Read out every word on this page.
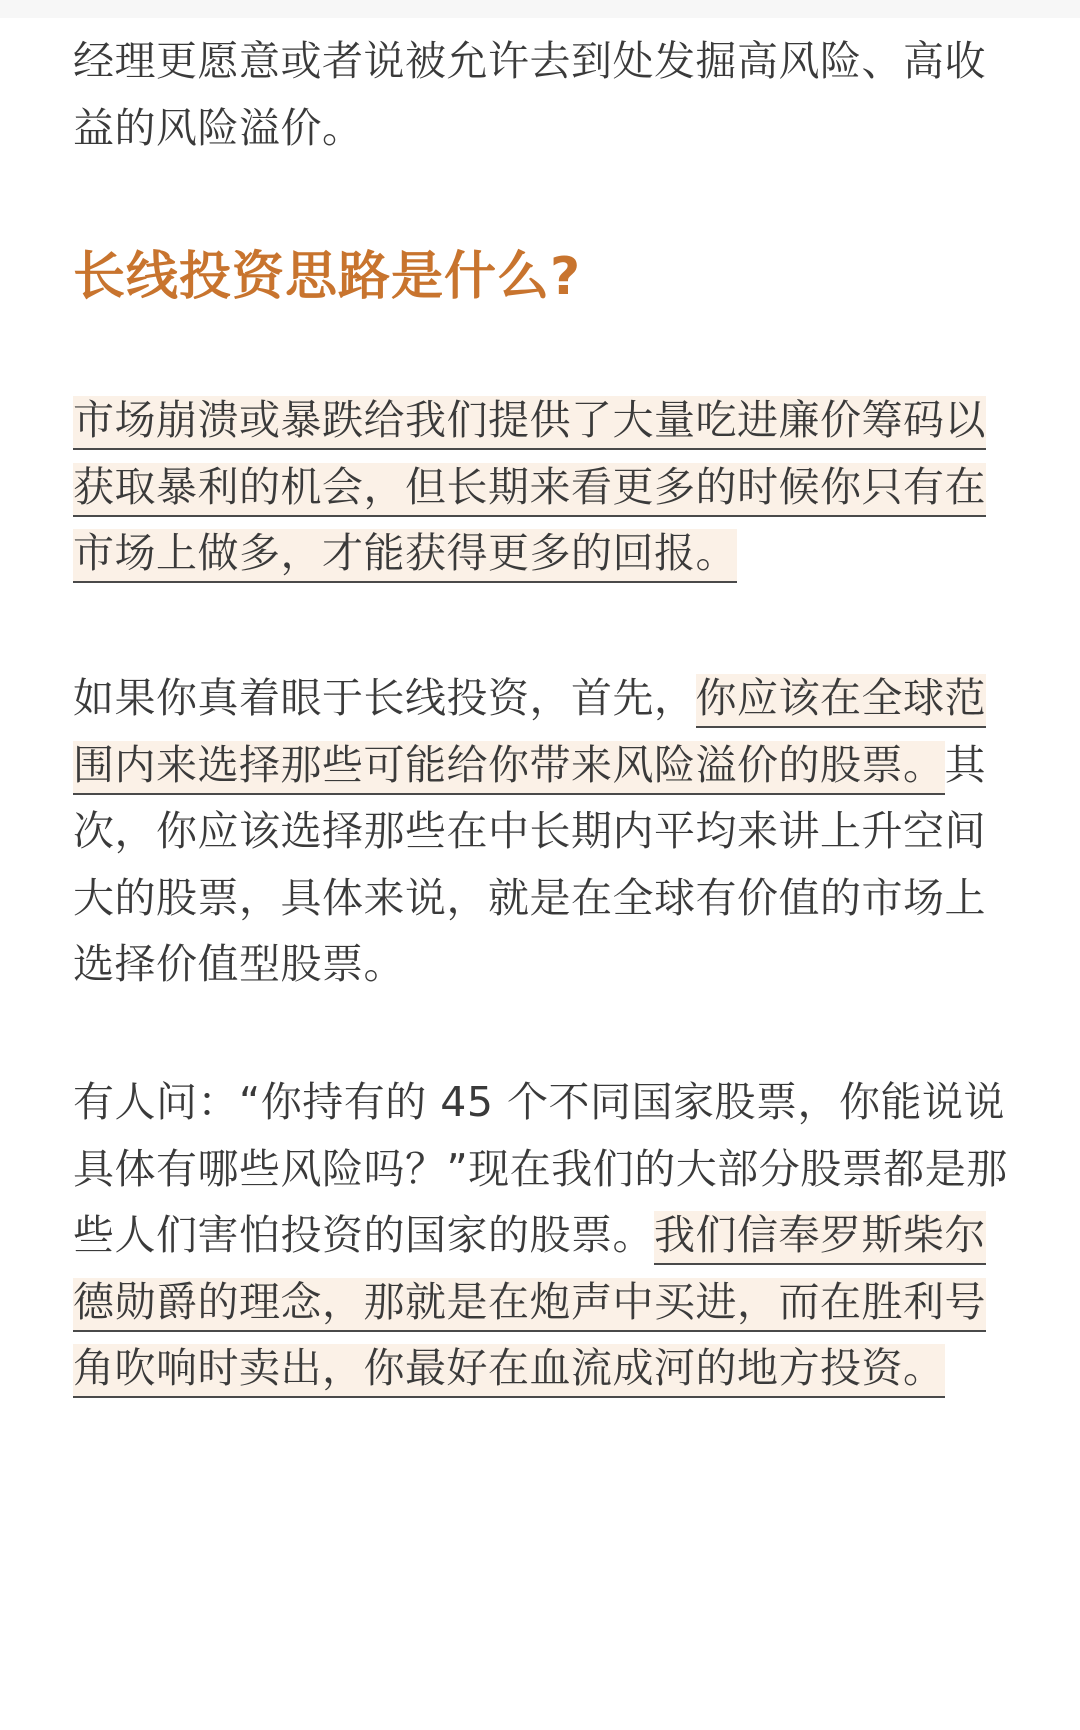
经理更愿意或者说被允许去到处发掘高风险、高收益的风险溢价。

长线投资思路是什么?

市场崩溃或暴跌给我们提供了大量吃进廉价筹码以获取暴利的机会，但长期来看更多的时候你只有在市场上做多，才能获得更多的回报。

如果你真着眼于长线投资，首先，你应该在全球范围内来选择那些可能给你带来风险溢价的股票。其次，你应该选择那些在中长期内平均来讲上升空间大的股票，具体来说，就是在全球有价值的市场上选择价值型股票。

有人问：“你持有的 45 个不同国家股票，你能说说具体有哪些风险吗？”现在我们的大部分股票都是那些人们害怕投资的国家的股票。我们信奉罗斯柴尔德勋爵的理念，那就是在炮声中买进，而在胜利号角吹响时卖出，你最好在血流成河的地方投资。
